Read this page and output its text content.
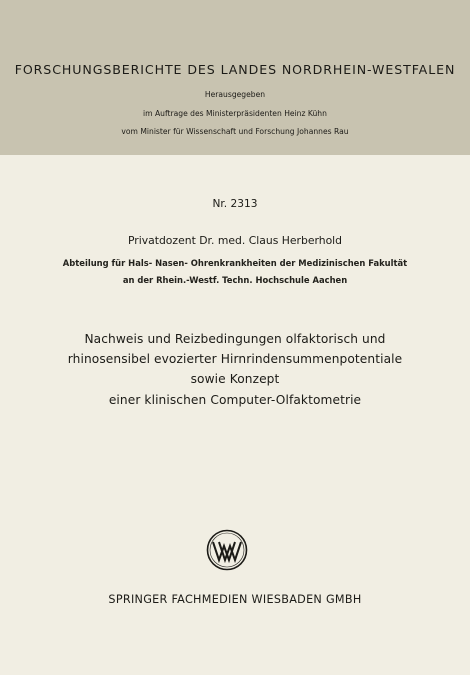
FORSCHUNGSBERICHTE DES LANDES NORDRHEIN-WESTFALEN
Herausgegeben
im Auftrage des Ministerpräsidenten Heinz Kühn
vom Minister für Wissenschaft und Forschung Johannes Rau
Nr. 2313
Privatdozent Dr. med. Claus Herberhold
Abteilung für Hals- Nasen- Ohrenkrankheiten der Medizinischen Fakultät
an der Rhein.-Westf. Techn. Hochschule Aachen
Nachweis und Reizbedingungen olfaktorisch und
rhinosensibel evozierter Hirnrindensummenpotentiale
sowie Konzept
einer klinischen Computer-Olfaktometrie
SPRINGER FACHMEDIEN WIESBADEN GMBH
